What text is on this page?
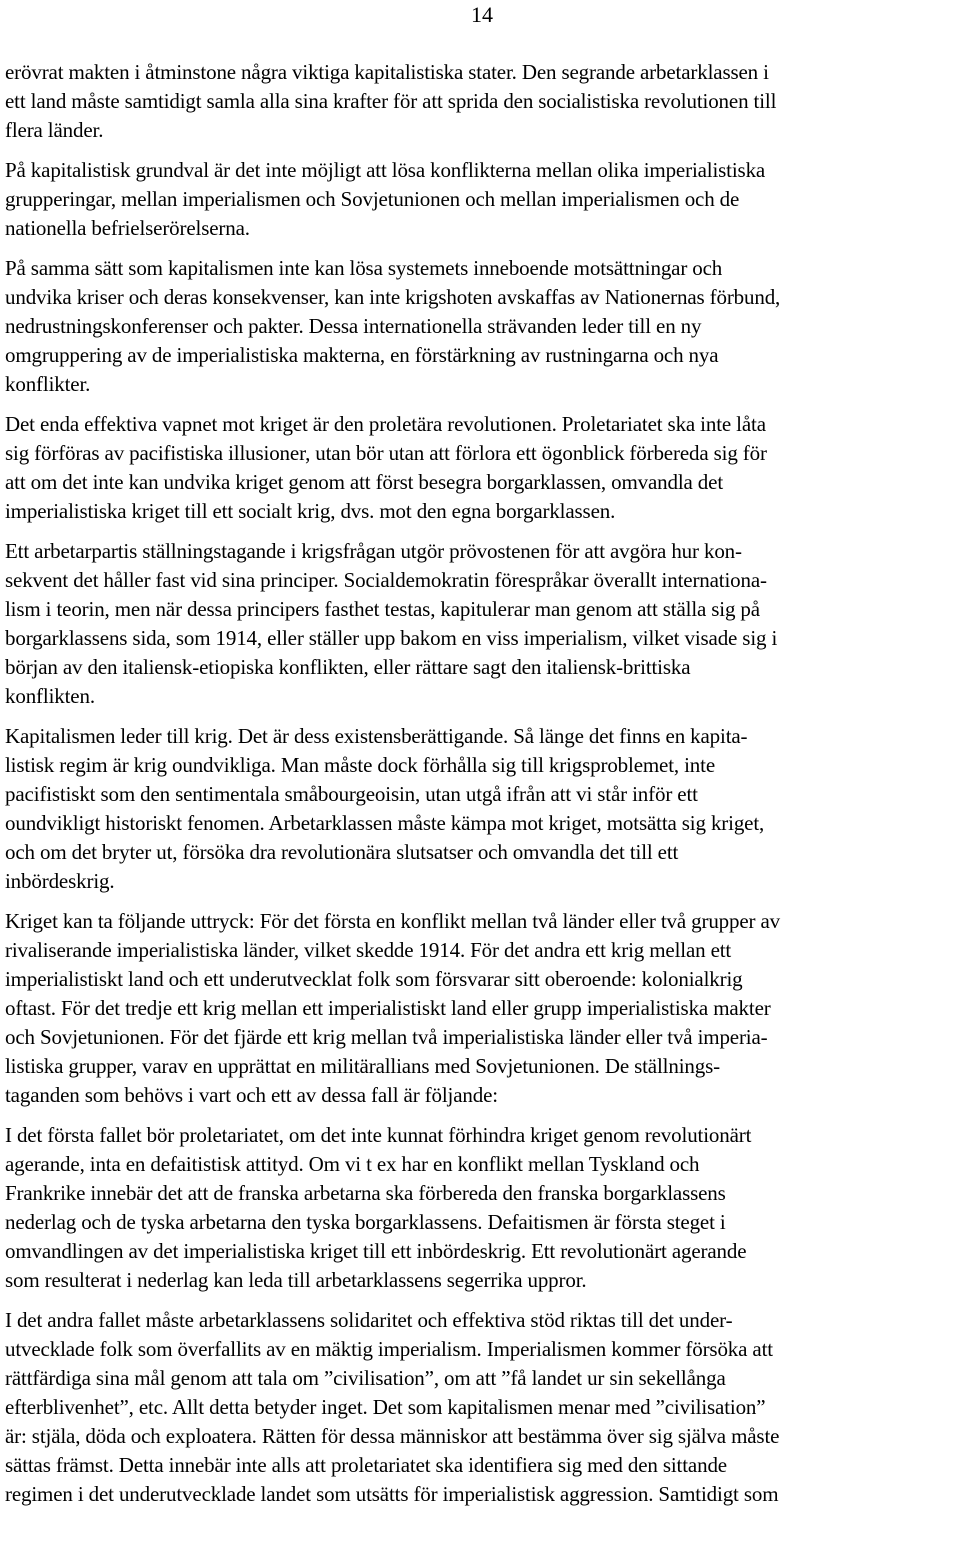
14

erövrat makten i åtminstone några viktiga kapitalistiska stater. Den segrande arbetarklassen i
ett land måste samtidigt samla alla sina krafter för att sprida den socialistiska revolutionen till
flera länder.

På kapitalistisk grundval är det inte möjligt att lösa konflikterna mellan olika imperialistiska
grupperingar, mellan imperialismen och Sovjetunionen och mellan imperialismen och de
nationella befrielserörelserna.

På samma sätt som kapitalismen inte kan lösa systemets inneboende motsättningar och
undvika kriser och deras konsekvenser, kan inte krigshoten avskaffas av Nationernas förbund,
nedrustningskonferenser och pakter. Dessa internationella strävanden leder till en ny
omgruppering av de imperialistiska makterna, en förstärkning av rustningarna och nya
konflikter.

Det enda effektiva vapnet mot kriget är den proletära revolutionen. Proletariatet ska inte låta
sig förföras av pacifistiska illusioner, utan bör utan att förlora ett ögonblick förbereda sig för
att om det inte kan undvika kriget genom att först besegra borgarklassen, omvandla det
imperialistiska kriget till ett socialt krig, dvs. mot den egna borgarklassen.

Ett arbetarpartis ställningstagande i krigsfrågan utgör prövostenen för att avgöra hur kon-
sekvent det håller fast vid sina principer. Socialdemokratin förespråkar överallt internationa-
lism i teorin, men när dessa principers fasthet testas, kapitulerar man genom att ställa sig på
borgarklassens sida, som 1914, eller ställer upp bakom en viss imperialism, vilket visade sig i
början av den italiensk-etiopiska konflikten, eller rättare sagt den italiensk-brittiska
konflikten.

Kapitalismen leder till krig. Det är dess existensberättigande. Så länge det finns en kapita-
listisk regim är krig oundvikliga. Man måste dock förhålla sig till krigsproblemet, inte
pacifistiskt som den sentimentala småbourgeoisin, utan utgå ifrån att vi står inför ett
oundvikligt historiskt fenomen. Arbetarklassen måste kämpa mot kriget, motsätta sig kriget,
och om det bryter ut, försöka dra revolutionära slutsatser och omvandla det till ett
inbördeskrig.

Kriget kan ta följande uttryck: För det första en konflikt mellan två länder eller två grupper av
rivaliserande imperialistiska länder, vilket skedde 1914. För det andra ett krig mellan ett
imperialistiskt land och ett underutvecklat folk som försvarar sitt oberoende: kolonialkrig
oftast. För det tredje ett krig mellan ett imperialistiskt land eller grupp imperialistiska makter
och Sovjetunionen. För det fjärde ett krig mellan två imperialistiska länder eller två imperia-
listiska grupper, varav en upprättat en militärallians med Sovjetunionen. De ställnings-
taganden som behövs i vart och ett av dessa fall är följande:

I det första fallet bör proletariatet, om det inte kunnat förhindra kriget genom revolutionärt
agerande, inta en defaitistisk attityd. Om vi t ex har en konflikt mellan Tyskland och
Frankrike innebär det att de franska arbetarna ska förbereda den franska borgarklassens
nederlag och de tyska arbetarna den tyska borgarklassens. Defaitismen är första steget i
omvandlingen av det imperialistiska kriget till ett inbördeskrig. Ett revolutionärt agerande
som resulterat i nederlag kan leda till arbetarklassens segerrika uppror.

I det andra fallet måste arbetarklassens solidaritet och effektiva stöd riktas till det under-
utvecklade folk som överfallits av en mäktig imperialism. Imperialismen kommer försöka att
rättfärdiga sina mål genom att tala om ”civilisation”, om att ”få landet ur sin sekellånga
efterblivenhet”, etc. Allt detta betyder inget. Det som kapitalismen menar med ”civilisation”
är: stjäla, döda och exploatera. Rätten för dessa människor att bestämma över sig själva måste
sättas främst. Detta innebär inte alls att proletariatet ska identifiera sig med den sittande
regimen i det underutvecklade landet som utsätts för imperialistisk aggression. Samtidigt som
